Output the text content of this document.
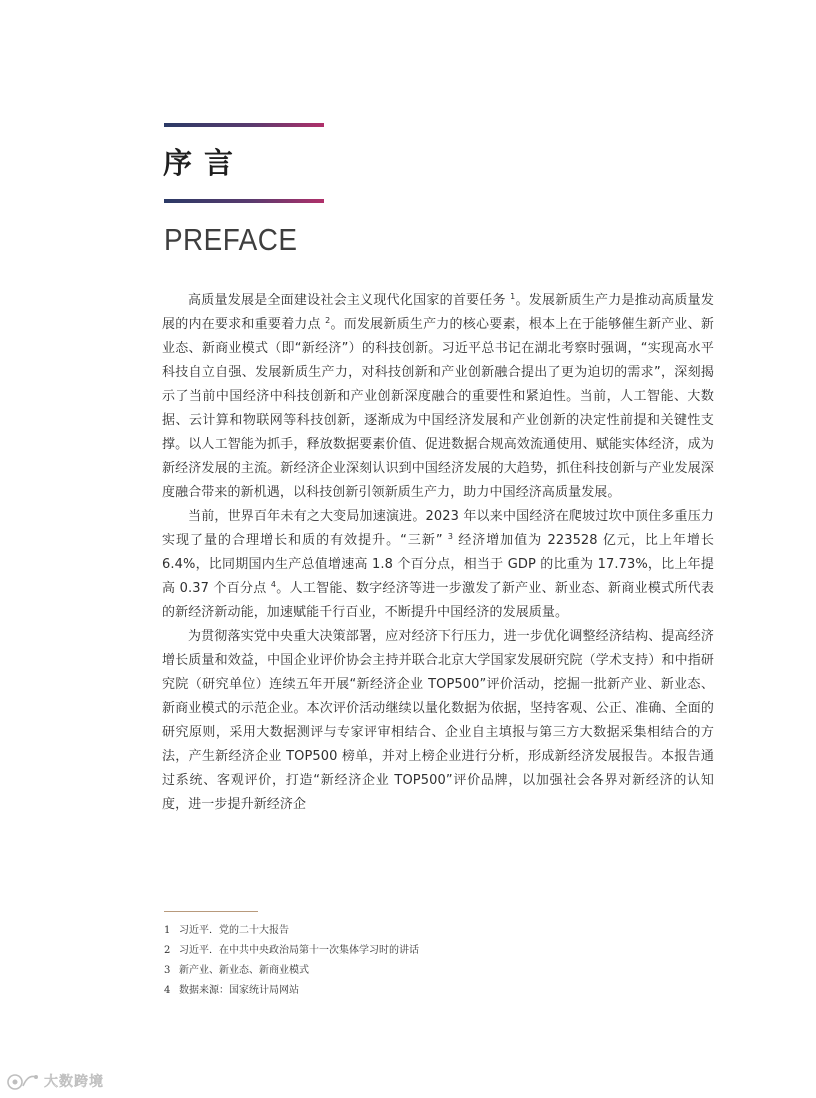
序言
PREFACE

高质量发展是全面建设社会主义现代化国家的首要任务 $^1$。发展新质生产力是推动高质量发展的内在要求和重要着力点 $^2$。而发展新质生产力的核心要素，根本上在于能够催生新产业、新业态、新商业模式（即“新经济”）的科技创新。习近平总书记在湖北考察时强调，“实现高水平科技自立自强、发展新质生产力，对科技创新和产业创新融合提出了更为迫切的需求”，深刻揭示了当前中国经济中科技创新和产业创新深度融合的重要性和紧迫性。当前，人工智能、大数据、云计算和物联网等科技创新，逐渐成为中国经济发展和产业创新的决定性前提和关键性支撑。以人工智能为抓手，释放数据要素价值、促进数据合规高效流通使用、赋能实体经济，成为新经济发展的主流。新经济企业深刻认识到中国经济发展的大趋势，抓住科技创新与产业发展深度融合带来的新机遇，以科技创新引领新质生产力，助力中国经济高质量发展。

当前，世界百年未有之大变局加速演进。2023 年以来中国经济在爬坡过坎中顶住多重压力实现了量的合理增长和质的有效提升。“三新” $^3$ 经济增加值为 223528 亿元，比上年增长 6.4%，比同期国内生产总值增速高 1.8 个百分点，相当于 GDP 的比重为 17.73%，比上年提高 0.37 个百分点 $^4$。人工智能、数字经济等进一步激发了新产业、新业态、新商业模式所代表的新经济新动能，加速赋能千行百业，不断提升中国经济的发展质量。

为贯彻落实党中央重大决策部署，应对经济下行压力，进一步优化调整经济结构、提高经济增长质量和效益，中国企业评价协会主持并联合北京大学国家发展研究院（学术支持）和中指研究院（研究单位）连续五年开展“新经济企业 TOP500”评价活动，挖掘一批新产业、新业态、新商业模式的示范企业。本次评价活动继续以量化数据为依据，坚持客观、公正、准确、全面的研究原则，采用大数据测评与专家评审相结合、企业自主填报与第三方大数据采集相结合的方法，产生新经济企业 TOP500 榜单，并对上榜企业进行分析，形成新经济发展报告。本报告通过系统、客观评价，打造“新经济企业 TOP500”评价品牌，以加强社会各界对新经济的认知度，进一步提升新经济企

1 习近平．党的二十大报告
2 习近平．在中共中央政治局第十一次集体学习时的讲话
3 新产业、新业态、新商业模式
4 数据来源：国家统计局网站
大数跨境
